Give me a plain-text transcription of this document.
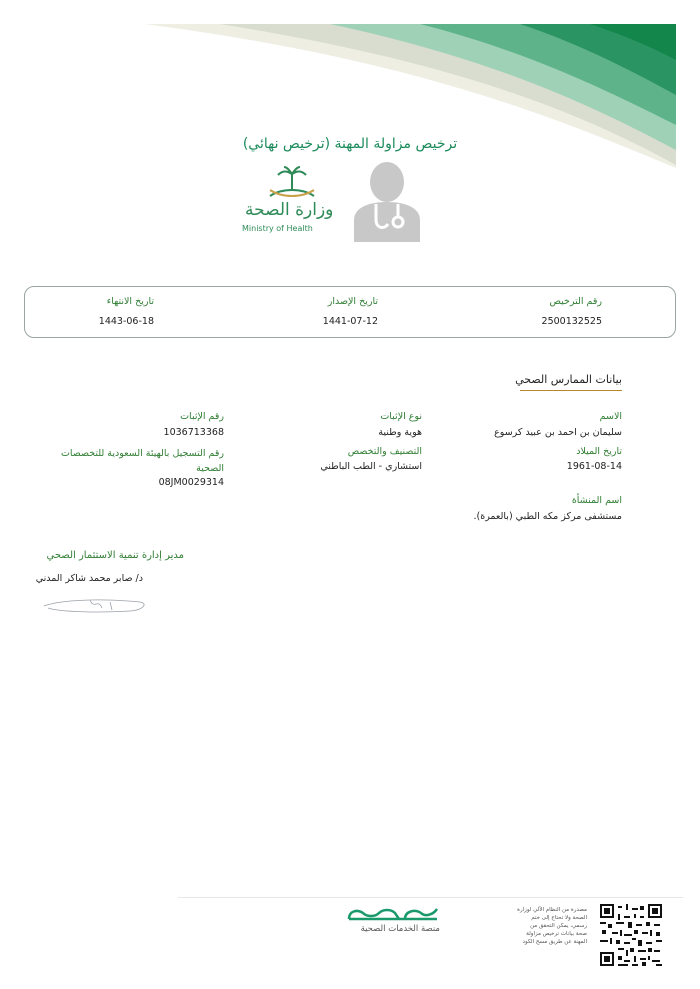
ترخيص مزاولة المهنة (ترخيص نهائي)
وزارة الصحة
Ministry of Health
رقم الترخيص
2500132525
تاريخ الإصدار
1441-07-12
تاريخ الانتهاء
1443-06-18
بيانات الممارس الصحي
الاسم
سليمان بن احمد بن عبيد كرسوع
تاريخ الميلاد
1961-08-14
اسم المنشأة
مستشفى مركز مكه الطبي (بالعمرة).
نوع الإثبات
هوية وطنية
التصنيف والتخصص
استشاري - الطب الباطني
رقم الإثبات
1036713368
رقم التسجيل بالهيئة السعودية للتخصصات الصحية
08JM0029314
مدير إدارة تنمية الاستثمار الصحي
د/ صابر محمد شاكر المدني
منصة الخدمات الصحية
مصدرة من النظام الآلي لوزارة
الصحة ولا تحتاج إلى ختم
رسمي، يمكن التحقق من
صحة بيانات ترخيص مزاولة
المهنة عن طريق مسح الكود
